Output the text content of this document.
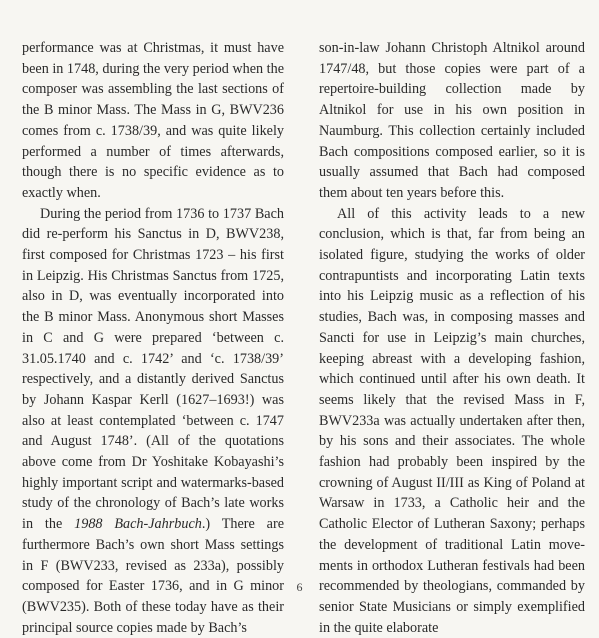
performance was at Christmas, it must have been in 1748, during the very period when the composer was assembling the last sections of the B minor Mass. The Mass in G, BWV236 comes from c. 1738/39, and was quite likely performed a number of times afterwards, though there is no specific evidence as to exactly when.

During the period from 1736 to 1737 Bach did re-perform his Sanctus in D, BWV238, first composed for Christmas 1723 – his first in Leipzig. His Christmas Sanctus from 1725, also in D, was eventually incorporated into the B minor Mass. Anonymous short Masses in C and G were prepared ‘between c. 31.05.1740 and c. 1742’ and ‘c. 1738/39’ respectively, and a distantly derived Sanctus by Johann Kaspar Kerll (1627–1693!) was also at least contemplated ‘between c. 1747 and August 1748’. (All of the quotations above come from Dr Yoshitake Kobayashi’s highly important script and watermarks-based study of the chronology of Bach’s late works in the 1988 Bach-Jahrbuch.) There are furthermore Bach’s own short Mass settings in F (BWV233, revised as 233a), possibly composed for Easter 1736, and in G minor (BWV235). Both of these today have as their principal source copies made by Bach’s

son-in-law Johann Christoph Altnikol around 1747/48, but those copies were part of a repertoire-building collection made by Altnikol for use in his own position in Naumburg. This collection certainly included Bach compositions composed earlier, so it is usually assumed that Bach had composed them about ten years before this.

All of this activity leads to a new conclusion, which is that, far from being an isolated figure, studying the works of older contrapuntists and incorporating Latin texts into his Leipzig music as a reflection of his studies, Bach was, in composing masses and Sancti for use in Leipzig’s main churches, keeping abreast with a developing fashion, which continued until after his own death. It seems likely that the revised Mass in F, BWV233a was actually undertaken after then, by his sons and their associates. The whole fashion had probably been inspired by the crowning of August II/III as King of Poland at Warsaw in 1733, a Catholic heir and the Catholic Elector of Lutheran Saxony; perhaps the development of traditional Latin move-ments in orthodox Lutheran festivals had been recommended by theologians, commanded by senior State Musicians or simply exemplified in the quite elaborate

6
